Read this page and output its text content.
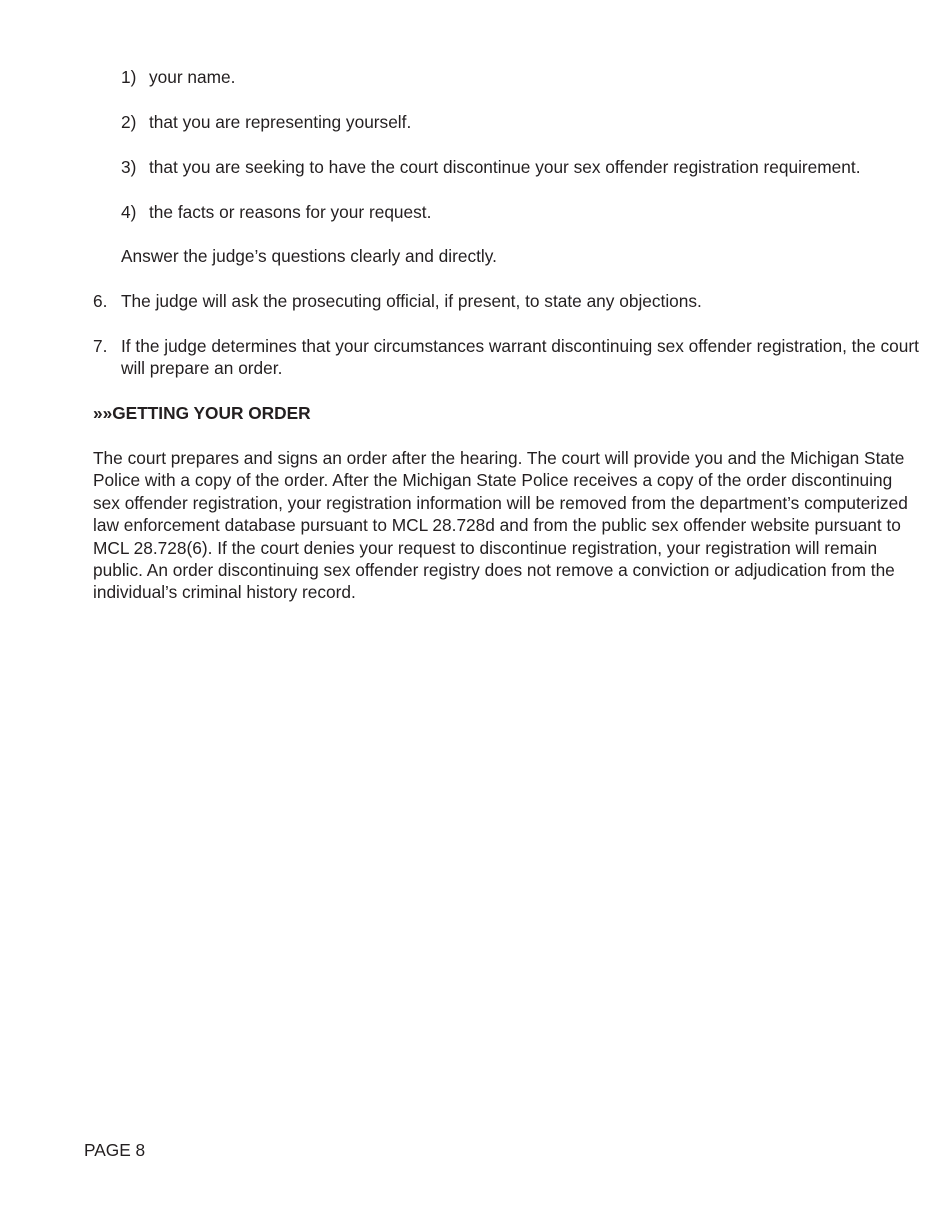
1) your name.
2) that you are representing yourself.
3) that you are seeking to have the court discontinue your sex offender registration requirement.
4) the facts or reasons for your request.
Answer the judge’s questions clearly and directly.
6. The judge will ask the prosecuting official, if present, to state any objections.
7. If the judge determines that your circumstances warrant discontinuing sex offender registration, the court will prepare an order.
»»GETTING YOUR ORDER
The court prepares and signs an order after the hearing. The court will provide you and the Michigan State Police with a copy of the order. After the Michigan State Police receives a copy of the order discontinuing sex offender registration, your registration information will be removed from the department’s computerized law enforcement database pursuant to MCL 28.728d and from the public sex offender website pursuant to MCL 28.728(6). If the court denies your request to discontinue registration, your registration will remain public. An order discontinuing sex offender registry does not remove a conviction or adjudication from the individual’s criminal history record.
PAGE 8
